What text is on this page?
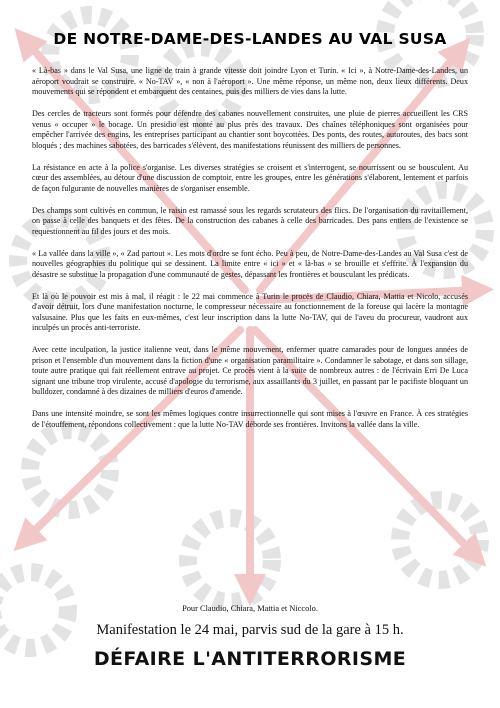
DE NOTRE-DAME-DES-LANDES AU VAL SUSA

« Là-bas » dans le Val Susa, une ligne de train à grande vitesse doit joindre Lyon et Turin. « Ici », à Notre-Dame-des-Landes, un aéroport voudrait se construire. « No-TAV », « non à l'aéroport ». Une même réponse, un même non, deux lieux différents. Deux mouvements qui se répondent et embarquent des centaines, puis des milliers de vies dans la lutte.

Des cercles de tracteurs sont formés pour défendre des cabanes nouvellement construites, une pluie de pierres accueillent les CRS venus « occuper » le bocage. Un presidio est monté au plus près des travaux. Des chaînes téléphoniques sont organisées pour empêcher l'arrivée des engins, les entreprises participant au chantier sont boycottées. Des ponts, des routes, autoroutes, des bacs sont bloqués ; des machines sabotées, des barricades s'élèvent, des manifestations réunissent des milliers de personnes.

La résistance en acte à la police s'organise. Les diverses stratégies se croisent et s'interrogent, se nourrissent ou se bousculent. Au cœur des assemblées, au détour d'une discussion de comptoir, entre les groupes, entre les générations s'élaborent, lentement et parfois de façon fulgurante de nouvelles manières de s'organiser ensemble.

Des champs sont cultivés en commun, le raisin est ramassé sous les regards scrutateurs des flics. De l'organisation du ravitaillement, on passe à celle des banquets et des fêtes. De la construction des cabanes à celle des barricades. Des pans entiers de l'existence se requestionnent au fil des jours et des mois.

« La vallée dans la ville », « Zad partout ». Les mots d'ordre se font écho. Peu à peu, de Notre-Dame-des-Landes au Val Susa c'est de nouvelles géographies du politique qui se dessinent. La limite entre « ici » et « là-bas » se brouille et s'effrite. À l'expansion du désastre se substitue la propagation d'une communauté de gestes, dépassant les frontières et bousculant les prédicats.

Et là où le pouvoir est mis à mal, il réagit : le 22 mai commence à Turin le procès de Claudio, Chiara, Mattia et Nicolo, accusés d'avoir détruit, lors d'une manifestation nocturne, le compresseur nécessaire au fonctionnement de la foreuse qui lacère la montagne valsusaine. Plus que les faits en eux-mêmes, c'est leur inscription dans la lutte No-TAV, qui de l'aveu du procureur, vaudront aux inculpés un procès anti-terroriste.

Avec cette inculpation, la justice italienne veut, dans le même mouvement, enfermer quatre camarades pour de longues années de prison et l'ensemble d'un mouvement dans la fiction d'une « organisation paramilitaire ». Condamner le sabotage, et dans son sillage, toute autre pratique qui fait réellement entrave au projet. Ce procès vient à la suite de nombreux autres : de l'écrivain Erri De Luca signant une tribune trop virulente, accusé d'apologie du terrorisme, aux assaillants du 3 juillet, en passant par le pacifiste bloquant un bulldozer, condamné à des dizaines de milliers d'euros d'amende.

Dans une intensité moindre, se sont les mêmes logiques contre insurrectionnelle qui sont mises à l'œuvre en France. À ces stratégies de l'étouffement, répondons collectivement : que la lutte No-TAV déborde ses frontières. Invitons la vallée dans la ville.

Pour Claudio, Chiara, Mattia et Niccolo.
Manifestation le 24 mai, parvis sud de la gare à 15 h.
DÉFAIRE L'ANTITERRORISME
